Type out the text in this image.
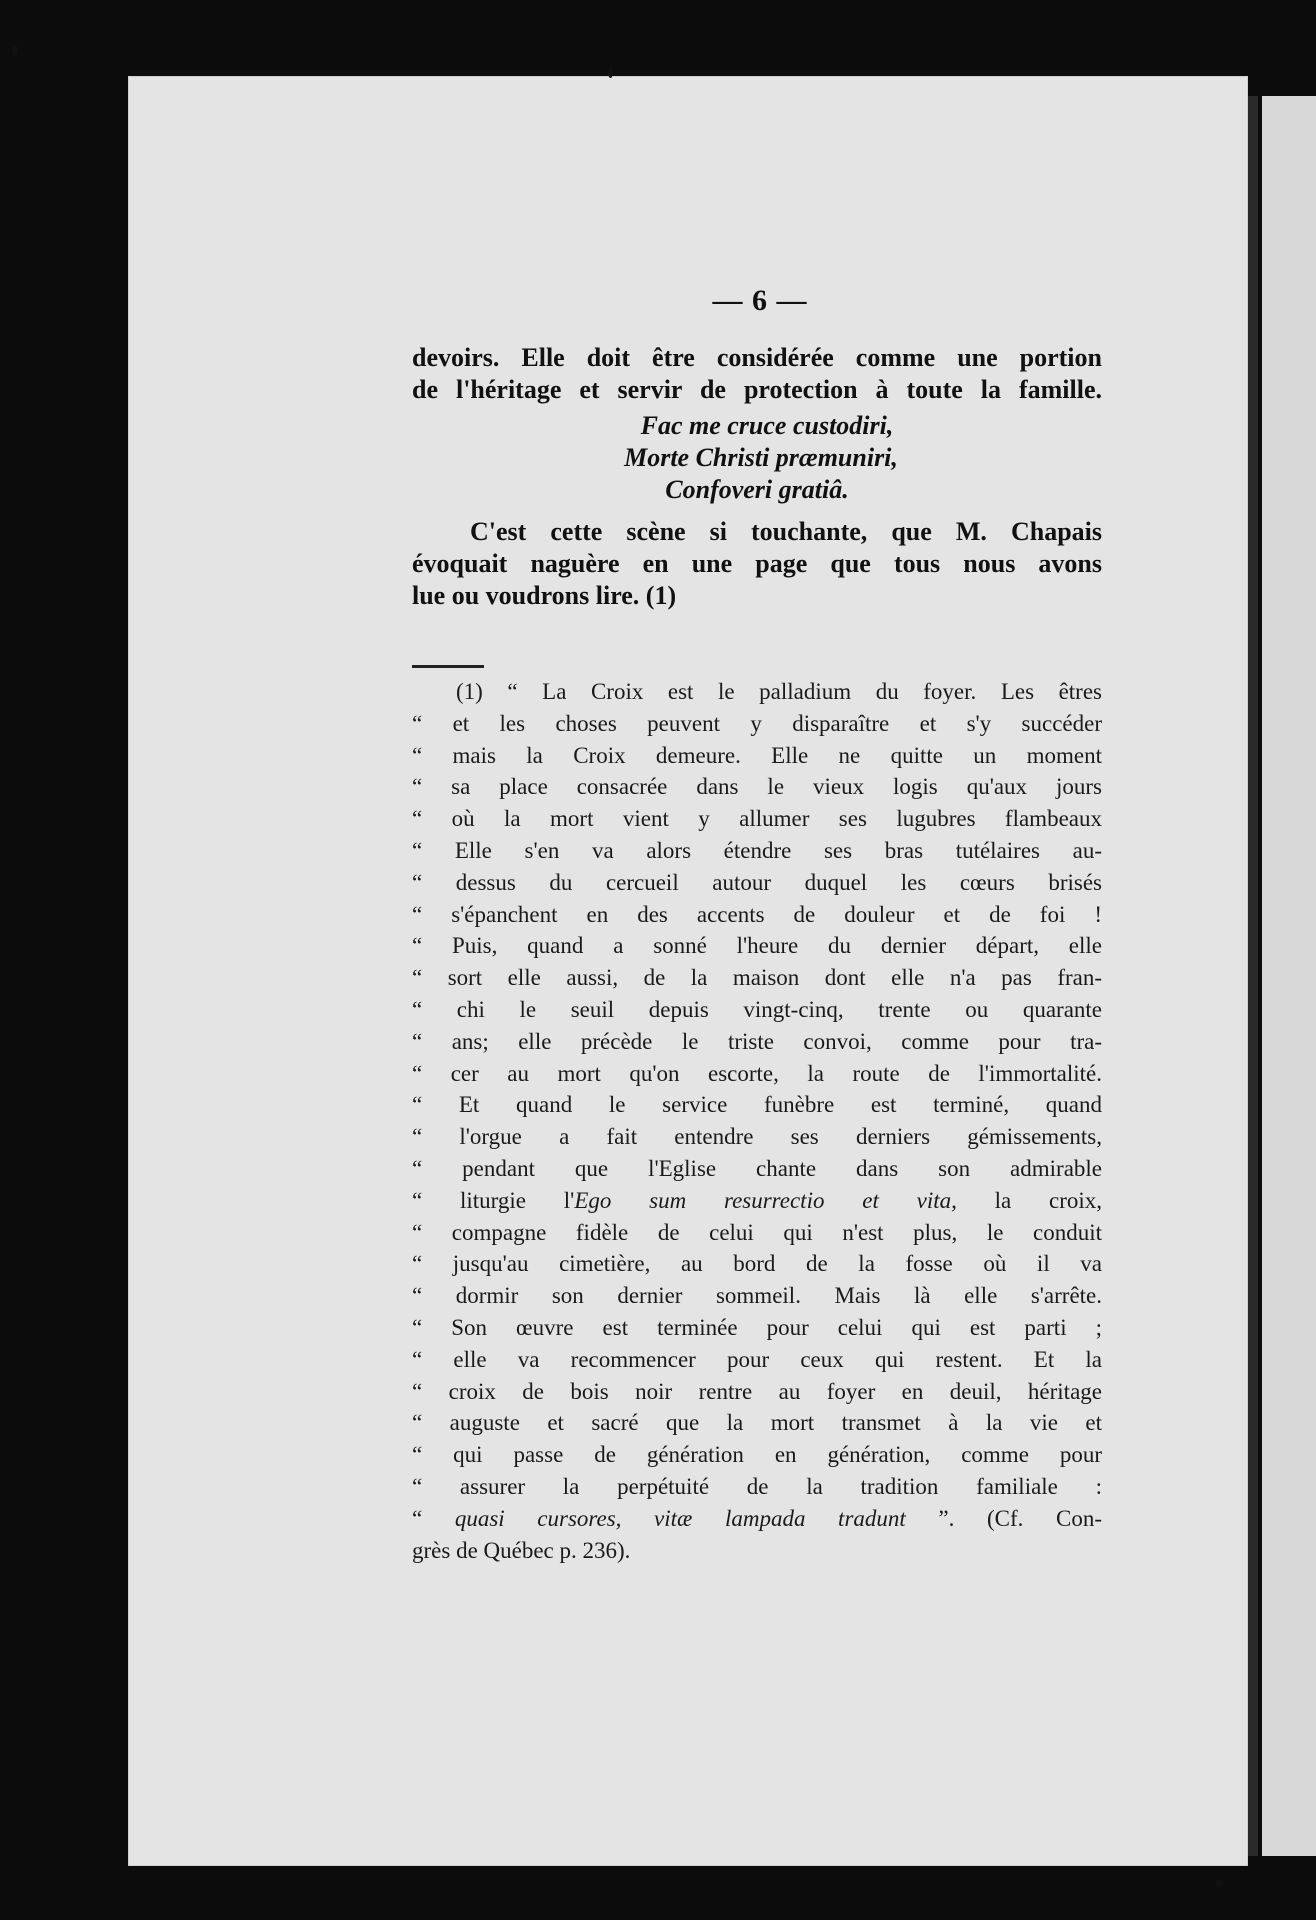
— 6 —
devoirs. Elle doit être considérée comme une portion
de l'héritage et servir de protection à toute la famille.
Fac me cruce custodiri,
Morte Christi præmuniri,
Confoveri gratiâ.
C'est cette scène si touchante, que M. Chapais
évoquait naguère en une page que tous nous avons
lue ou voudrons lire. (1)
(1) “ La Croix est le palladium du foyer. Les êtres
“ et les choses peuvent y disparaître et s'y succéder
“ mais la Croix demeure. Elle ne quitte un moment
“ sa place consacrée dans le vieux logis qu'aux jours
“ où la mort vient y allumer ses lugubres flambeaux
“ Elle s'en va alors étendre ses bras tutélaires au-
“ dessus du cercueil autour duquel les cœurs brisés
“ s'épanchent en des accents de douleur et de foi !
“ Puis, quand a sonné l'heure du dernier départ, elle
“ sort elle aussi, de la maison dont elle n'a pas fran-
“ chi le seuil depuis vingt-cinq, trente ou quarante
“ ans; elle précède le triste convoi, comme pour tra-
“ cer au mort qu'on escorte, la route de l'immortalité.
“ Et quand le service funèbre est terminé, quand
“ l'orgue a fait entendre ses derniers gémissements,
“ pendant que l'Eglise chante dans son admirable
“ liturgie l'Ego sum resurrectio et vita, la croix,
“ compagne fidèle de celui qui n'est plus, le conduit
“ jusqu'au cimetière, au bord de la fosse où il va
“ dormir son dernier sommeil. Mais là elle s'arrête.
“ Son œuvre est terminée pour celui qui est parti ;
“ elle va recommencer pour ceux qui restent. Et la
“ croix de bois noir rentre au foyer en deuil, héritage
“ auguste et sacré que la mort transmet à la vie et
“ qui passe de génération en génération, comme pour
“ assurer la perpétuité de la tradition familiale :
“ quasi cursores, vitæ lampada tradunt ”. (Cf. Con-
grès de Québec p. 236).
